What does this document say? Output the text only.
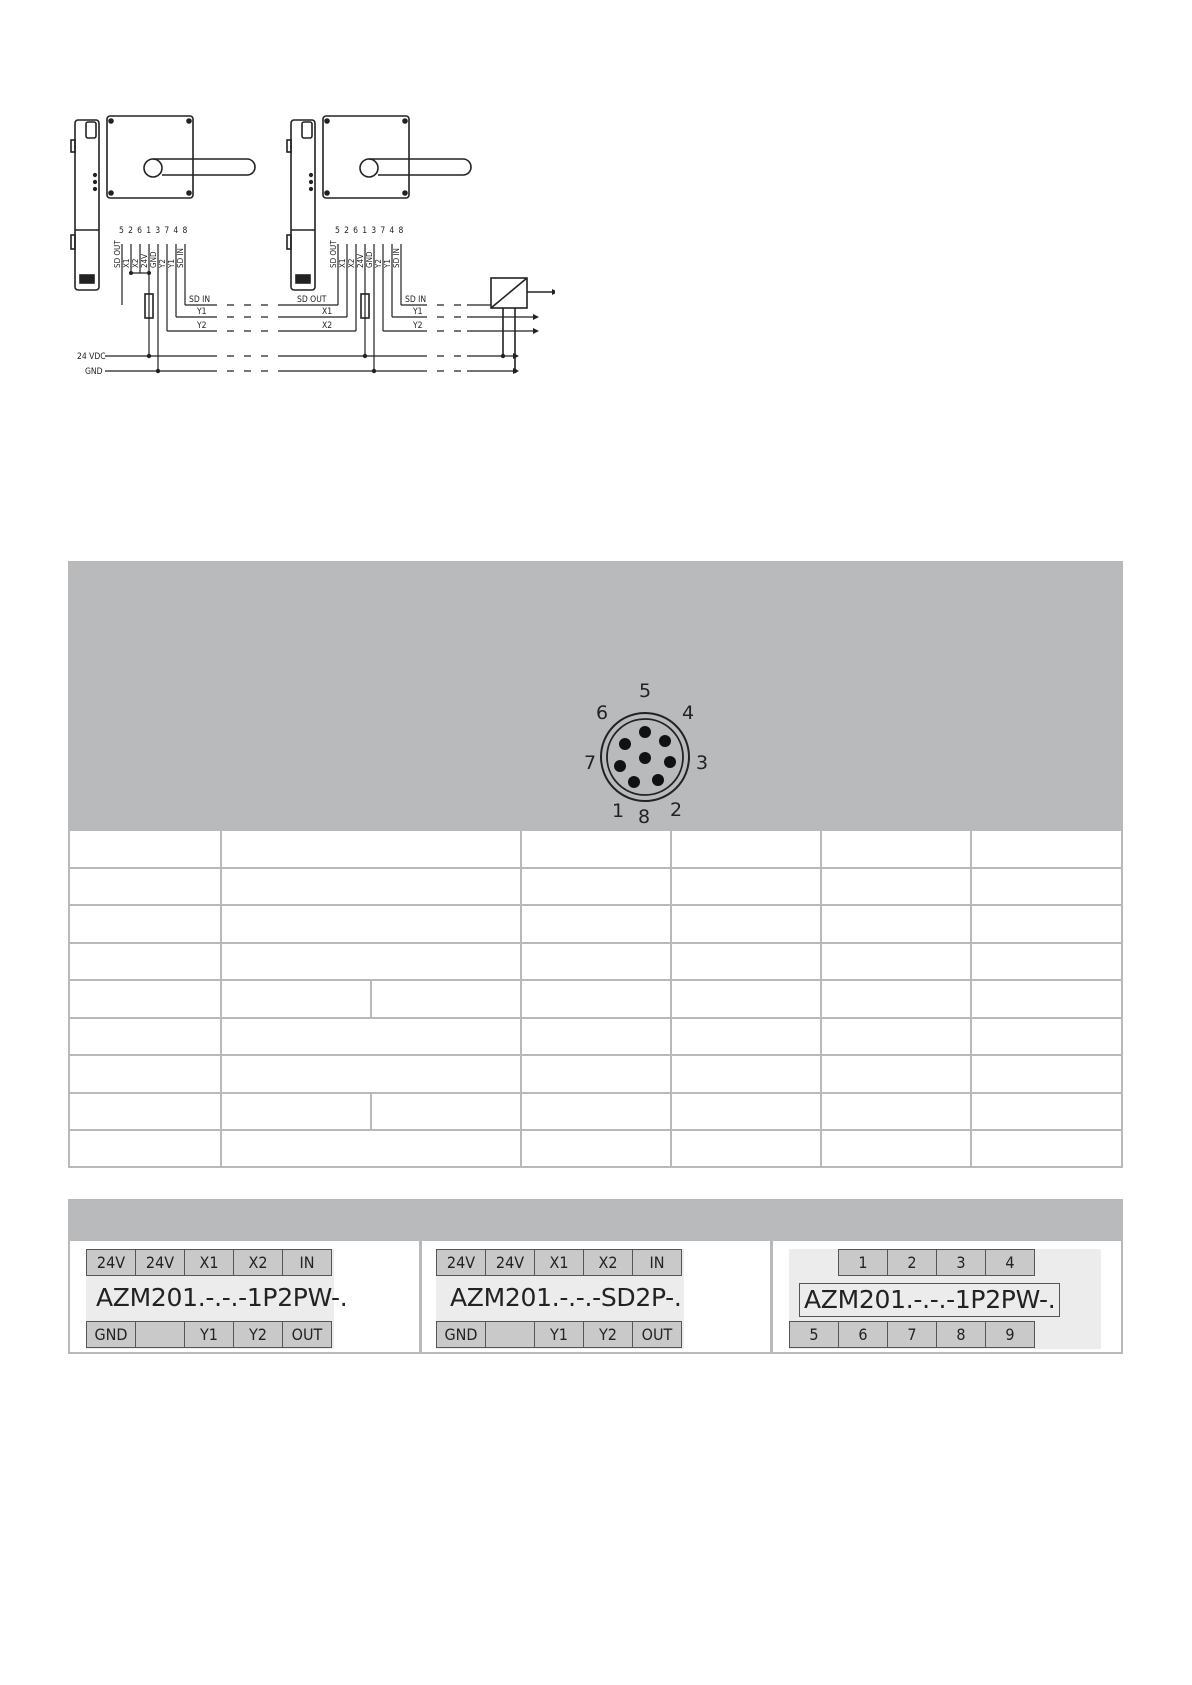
52613748	52613748
SD OUT X1 X2 24V GND Y2 Y1 SD IN	SD OUT X1 X2 24V GND Y2 Y1 SD IN
SD IN
Y1
Y2
SD OUT
X1
X2
SD IN
Y1
Y2
24 VDC
GND
5
4
3
2
8
1
7
6
24V	24V	X1	X2	IN
AZM201.-.-.-1P2PW-.
GND	Y1	Y2	OUT
24V	24V	X1	X2	IN
AZM201.-.-.-SD2P-.
GND	Y1	Y2	OUT
1	2	3	4
AZM201.-.-.-1P2PW-.
5	6	7	8	9
